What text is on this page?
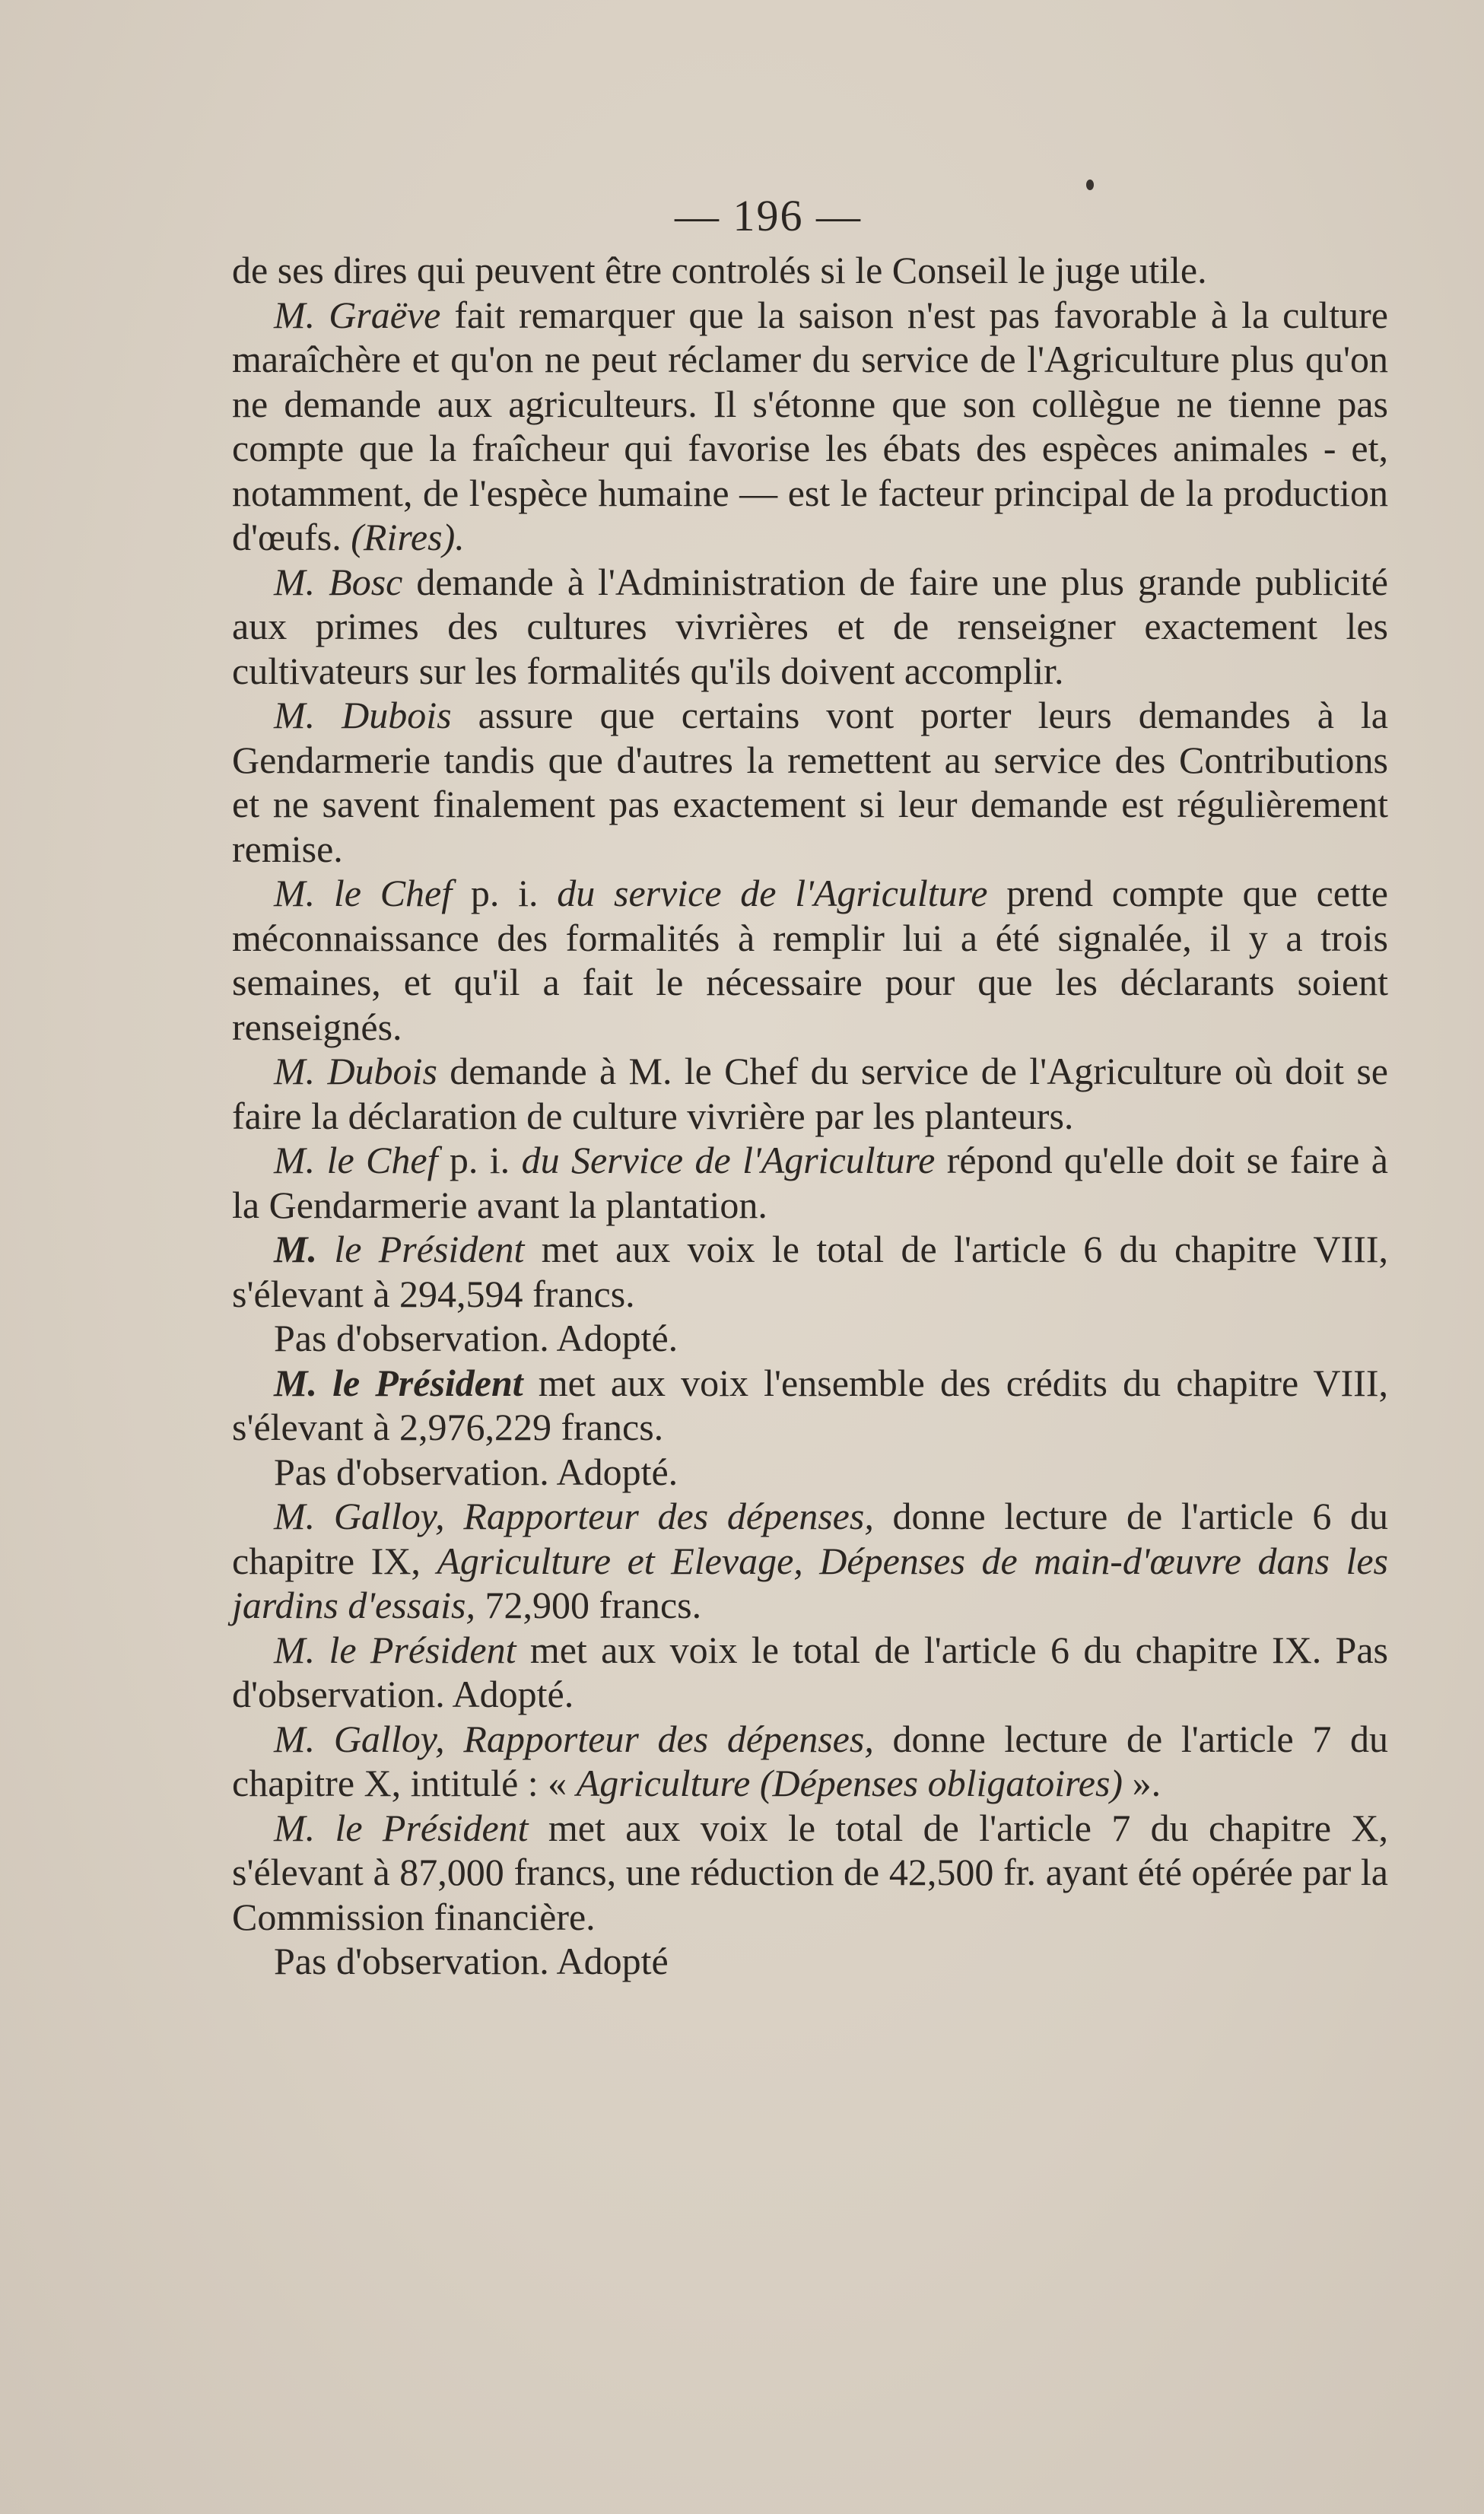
— 196 —

de ses dires qui peuvent être controlés si le Conseil le juge utile.

M. Graëve fait remarquer que la saison n'est pas favorable à la culture maraîchère et qu'on ne peut réclamer du service de l'Agriculture plus qu'on ne demande aux agriculteurs. Il s'étonne que son collègue ne tienne pas compte que la fraîcheur qui favorise les ébats des espèces animales - et, notamment, de l'espèce humaine — est le facteur principal de la production d'œufs. (Rires).

M. Bosc demande à l'Administration de faire une plus grande publicité aux primes des cultures vivrières et de renseigner exactement les cultivateurs sur les formalités qu'ils doivent accomplir.

M. Dubois assure que certains vont porter leurs demandes à la Gendarmerie tandis que d'autres la remettent au service des Contributions et ne savent finalement pas exactement si leur demande est régulièrement remise.

M. le Chef p. i. du service de l'Agriculture prend compte que cette méconnaissance des formalités à remplir lui a été signalée, il y a trois semaines, et qu'il a fait le nécessaire pour que les déclarants soient renseignés.

M. Dubois demande à M. le Chef du service de l'Agriculture où doit se faire la déclaration de culture vivrière par les planteurs.

M. le Chef p. i. du Service de l'Agriculture répond qu'elle doit se faire à la Gendarmerie avant la plantation.

M. le Président met aux voix le total de l'article 6 du chapitre VIII, s'élevant à 294,594 francs.

Pas d'observation. Adopté.

M. le Président met aux voix l'ensemble des crédits du chapitre VIII, s'élevant à 2,976,229 francs.

Pas d'observation. Adopté.

M. Galloy, Rapporteur des dépenses, donne lecture de l'article 6 du chapitre IX, Agriculture et Elevage, Dépenses de main-d'œuvre dans les jardins d'essais, 72,900 francs.

M. le Président met aux voix le total de l'article 6 du chapitre IX. Pas d'observation. Adopté.

M. Galloy, Rapporteur des dépenses, donne lecture de l'article 7 du chapitre X, intitulé : « Agriculture (Dépenses obligatoires) ».

M. le Président met aux voix le total de l'article 7 du chapitre X, s'élevant à 87,000 francs, une réduction de 42,500 fr. ayant été opérée par la Commission financière.

Pas d'observation. Adopté
